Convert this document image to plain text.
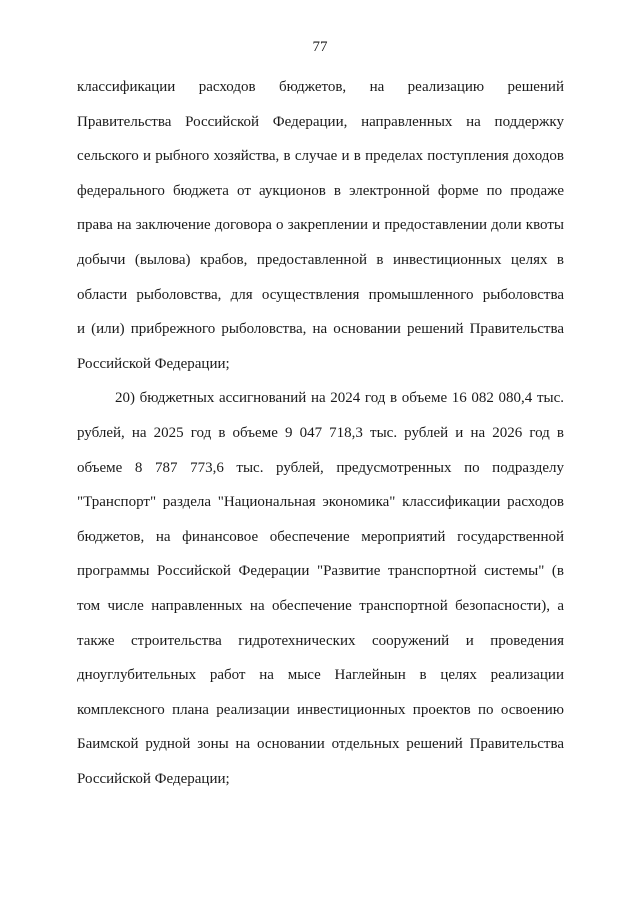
77
классификации расходов бюджетов, на реализацию решений
Правительства Российской Федерации, направленных на поддержку
сельского и рыбного хозяйства, в случае и в пределах поступления доходов
федерального бюджета от аукционов в электронной форме по продаже
права на заключение договора о закреплении и предоставлении доли квоты
добычи (вылова) крабов, предоставленной в инвестиционных целях в
области рыболовства, для осуществления промышленного рыболовства
и (или) прибрежного рыболовства, на основании решений Правительства
Российской Федерации;
20) бюджетных ассигнований на 2024 год в объеме 16 082 080,4 тыс.
рублей, на 2025 год в объеме 9 047 718,3 тыс. рублей и на 2026 год в
объеме 8 787 773,6 тыс. рублей, предусмотренных по подразделу
"Транспорт" раздела "Национальная экономика" классификации расходов
бюджетов, на финансовое обеспечение мероприятий государственной
программы Российской Федерации "Развитие транспортной системы" (в
том числе направленных на обеспечение транспортной безопасности), а
также строительства гидротехнических сооружений и проведения
дноуглубительных работ на мысе Наглейнын в целях реализации
комплексного плана реализации инвестиционных проектов по освоению
Баимской рудной зоны на основании отдельных решений Правительства
Российской Федерации;
